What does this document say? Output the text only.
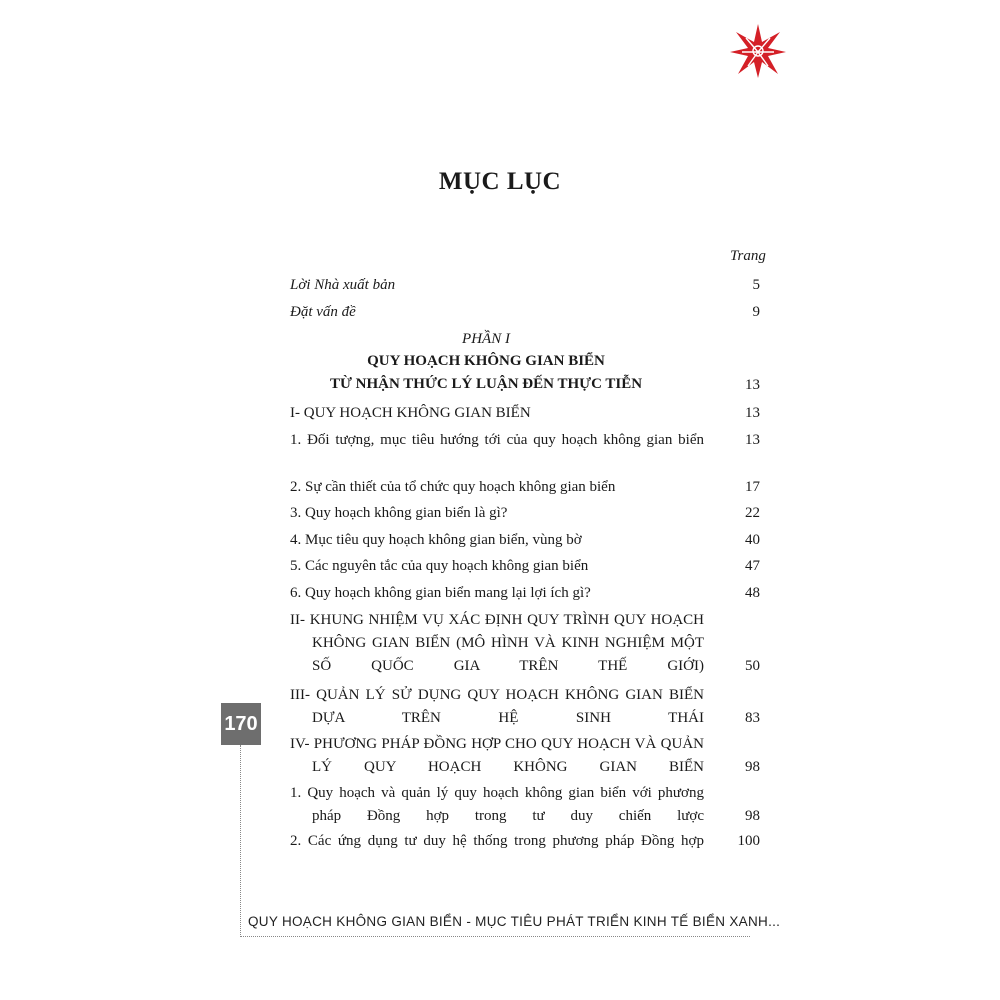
MỤC LỤC
Trang
Lời Nhà xuất bản	5
Đặt vấn đề	9
PHẦN I
QUY HOẠCH KHÔNG GIAN BIỂN
TỪ NHẬN THỨC LÝ LUẬN ĐẾN THỰC TIỄN	13
I- QUY HOẠCH KHÔNG GIAN BIỂN	13
1. Đối tượng, mục tiêu hướng tới của quy hoạch không gian biển	13
2. Sự cần thiết của tổ chức quy hoạch không gian biển	17
3. Quy hoạch không gian biển là gì?	22
4. Mục tiêu quy hoạch không gian biển, vùng bờ	40
5. Các nguyên tắc của quy hoạch không gian biển	47
6. Quy hoạch không gian biển mang lại lợi ích gì?	48
II- KHUNG NHIỆM VỤ XÁC ĐỊNH QUY TRÌNH QUY HOẠCH KHÔNG GIAN BIỂN (MÔ HÌNH VÀ KINH NGHIỆM MỘT SỐ QUỐC GIA TRÊN THẾ GIỚI)	50
III- QUẢN LÝ SỬ DỤNG QUY HOẠCH KHÔNG GIAN BIỂN DỰA TRÊN HỆ SINH THÁI	83
IV- PHƯƠNG PHÁP ĐỒNG HỢP CHO QUY HOẠCH VÀ QUẢN LÝ QUY HOẠCH KHÔNG GIAN BIỂN	98
1. Quy hoạch và quản lý quy hoạch không gian biển với phương pháp Đồng hợp trong tư duy chiến lược	98
2. Các ứng dụng tư duy hệ thống trong phương pháp Đồng hợp 100
170
QUY HOẠCH KHÔNG GIAN BIỂN - MỤC TIÊU PHÁT TRIỂN KINH TẾ BIỂN XANH...
